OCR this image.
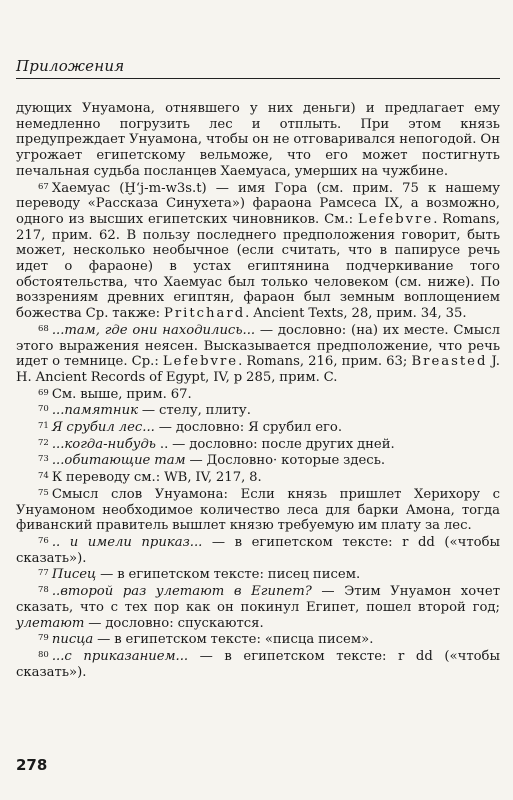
Приложения

дующих Унуамона, отнявшего у них деньги) и предлагает ему немедленно погрузить лес и отплыть. При этом князь предупреждает Унуамона, чтобы он не отговаривался непогодой. Он угрожает египетскому вельможе, что его может постигнуть печальная судьба посланцев Хаемуаса, умерших на чужбине.

$^{67}$ Хаемуас (Ḫ‘j-m-w3s.t) — имя Гора (см. прим. 75 к нашему переводу «Рассказа Синухета») фараона Рамсеса IX, а возможно, одного из высших египетских чиновников. См.: Lefebvre. Romans, 217, прим. 62. В пользу последнего предположения говорит, быть может, несколько необычное (если считать, что в папирусе речь идет о фараоне) в устах египтянина подчеркивание того обстоятельства, что Хаемуас был только человеком (см. ниже). По воззрениям древних египтян, фараон был земным воплощением божества Ср. также: Pritchard. Ancient Texts, 28, прим. 34, 35.

$^{68}$ ...там, где они находились... — дословно: (на) их месте. Смысл этого выражения неясен. Высказывается предположение, что речь идет о темнице. Ср.: Lefebvre. Romans, 216, прим. 63; Breasted J. H. Ancient Records of Egypt, IV, p 285, прим. C.

$^{69}$ См. выше, прим. 67.

$^{70}$ ...памятник — стелу, плиту.

$^{71}$ Я срубил лес... — дословно: Я срубил его.

$^{72}$ ...когда-нибудь .. — дословно: после других дней.

$^{73}$ ...обитающие там — Дословно· которые здесь.

$^{74}$ К переводу см.: WB, IV, 217, 8.

$^{75}$ Смысл слов Унуамона: Если князь пришлет Херихору с Унуамоном необходимое количество леса для барки Амона, тогда фиванский правитель вышлет князю требуемую им плату за лес.

$^{76}$ .. и имели приказ... — в египетском тексте: r dd («чтобы сказать»).

$^{77}$ Писец — в египетском тексте: писец писем.

$^{78}$ ..второй раз улетают в Египет? — Этим Унуамон хочет сказать, что с тех пор как он покинул Египет, пошел второй год; улетают — дословно: спускаются.

$^{79}$ писца — в египетском тексте: «писца писем».

$^{80}$ ...с приказанием... — в египетском тексте: r dd («чтобы сказать»).

278
